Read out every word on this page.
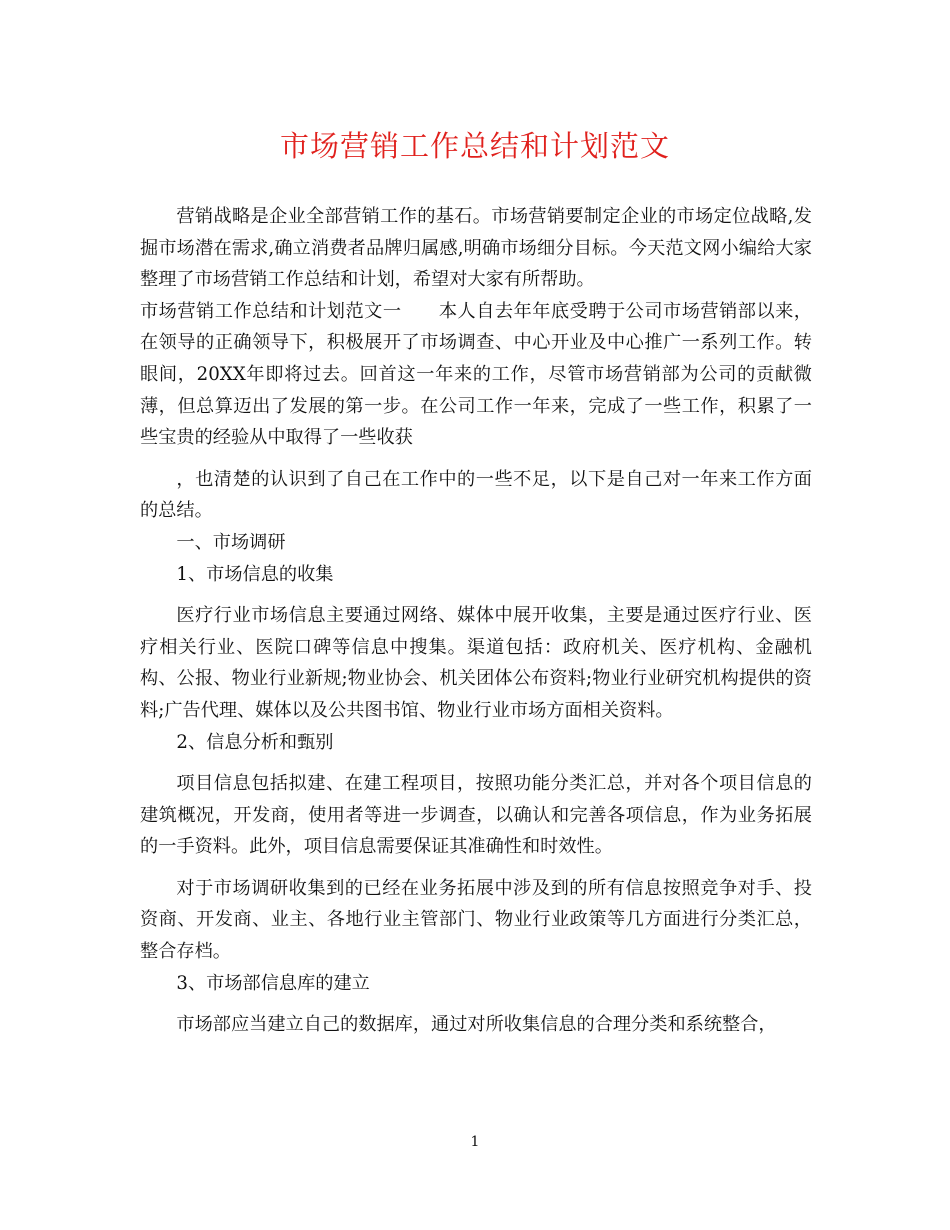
市场营销工作总结和计划范文

营销战略是企业全部营销工作的基石。市场营销要制定企业的市场定位战略,发掘市场潜在需求,确立消费者品牌归属感,明确市场细分目标。今天范文网小编给大家整理了市场营销工作总结和计划，希望对大家有所帮助。

市场营销工作总结和计划范文一　　本人自去年年底受聘于公司市场营销部以来，在领导的正确领导下，积极展开了市场调查、中心开业及中心推广一系列工作。转眼间，20XX年即将过去。回首这一年来的工作，尽管市场营销部为公司的贡献微薄，但总算迈出了发展的第一步。在公司工作一年来，完成了一些工作，积累了一些宝贵的经验从中取得了一些收获

，也清楚的认识到了自己在工作中的一些不足，以下是自己对一年来工作方面的总结。

一、市场调研

1、市场信息的收集

医疗行业市场信息主要通过网络、媒体中展开收集，主要是通过医疗行业、医疗相关行业、医院口碑等信息中搜集。渠道包括：政府机关、医疗机构、金融机构、公报、物业行业新规;物业协会、机关团体公布资料;物业行业研究机构提供的资料;广告代理、媒体以及公共图书馆、物业行业市场方面相关资料。

2、信息分析和甄别

项目信息包括拟建、在建工程项目，按照功能分类汇总，并对各个项目信息的建筑概况，开发商，使用者等进一步调查，以确认和完善各项信息，作为业务拓展的一手资料。此外，项目信息需要保证其准确性和时效性。

对于市场调研收集到的已经在业务拓展中涉及到的所有信息按照竞争对手、投资商、开发商、业主、各地行业主管部门、物业行业政策等几方面进行分类汇总，整合存档。

3、市场部信息库的建立

市场部应当建立自己的数据库，通过对所收集信息的合理分类和系统整合，

1
